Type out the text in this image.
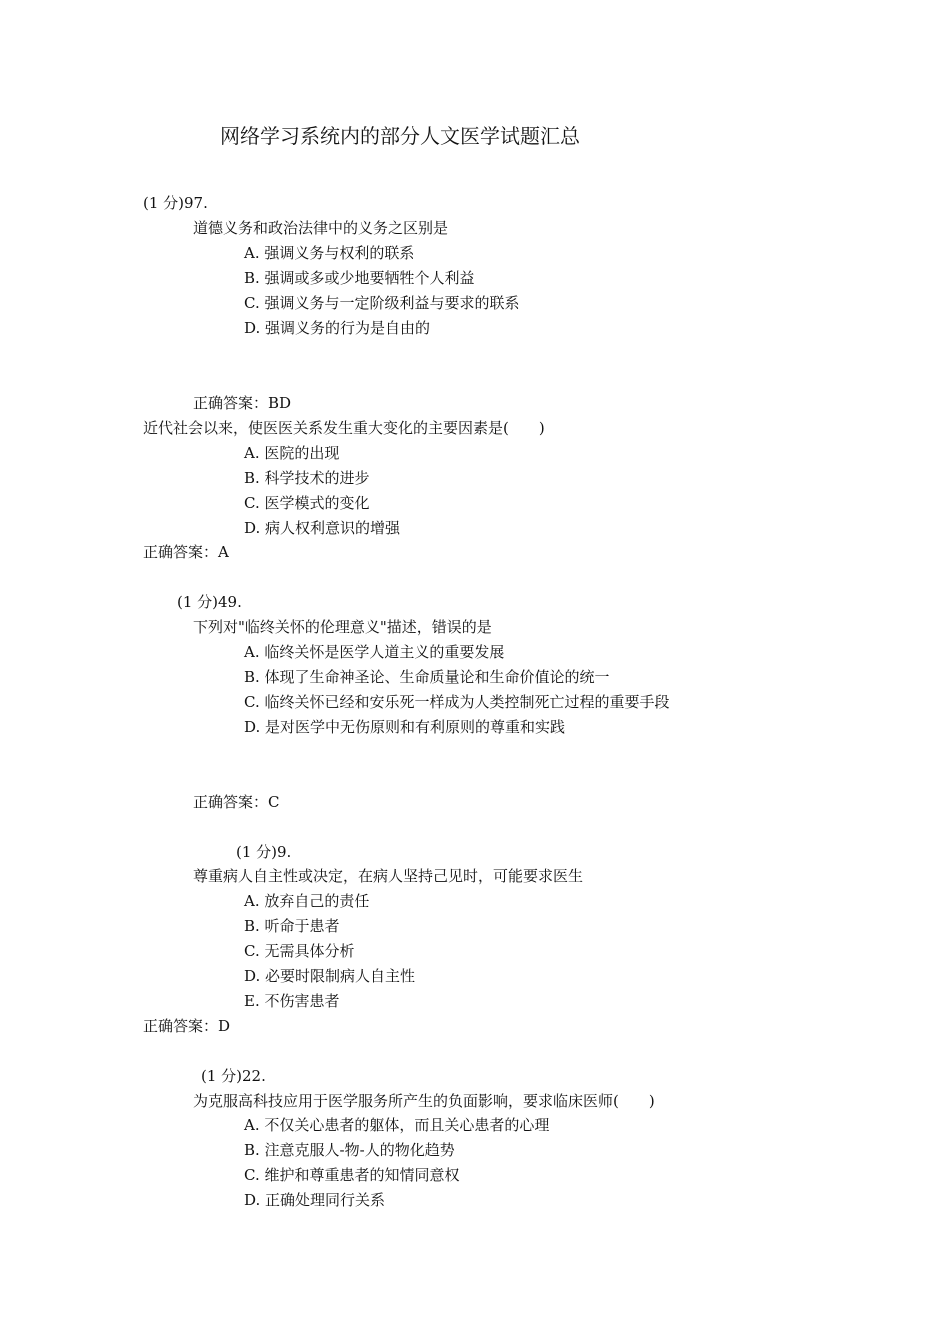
网络学习系统内的部分人文医学试题汇总
(1 分)97.
道德义务和政治法律中的义务之区别是
A. 强调义务与权利的联系
B. 强调或多或少地要牺牲个人利益
C. 强调义务与一定阶级利益与要求的联系
D. 强调义务的行为是自由的
正确答案：BD
近代社会以来，使医医关系发生重大变化的主要因素是(　　)
A. 医院的出现
B. 科学技术的进步
C. 医学模式的变化
D. 病人权利意识的增强
正确答案：A
(1 分)49.
下列对"临终关怀的伦理意义"描述，错误的是
A. 临终关怀是医学人道主义的重要发展
B. 体现了生命神圣论、生命质量论和生命价值论的统一
C. 临终关怀已经和安乐死一样成为人类控制死亡过程的重要手段
D. 是对医学中无伤原则和有利原则的尊重和实践
正确答案：C
(1 分)9.
尊重病人自主性或决定，在病人坚持己见时，可能要求医生
A. 放弃自己的责任
B. 听命于患者
C. 无需具体分析
D. 必要时限制病人自主性
E. 不伤害患者
正确答案：D
(1 分)22.
为克服高科技应用于医学服务所产生的负面影响，要求临床医师(　　)
A. 不仅关心患者的躯体，而且关心患者的心理
B. 注意克服人-物-人的物化趋势
C. 维护和尊重患者的知情同意权
D. 正确处理同行关系
